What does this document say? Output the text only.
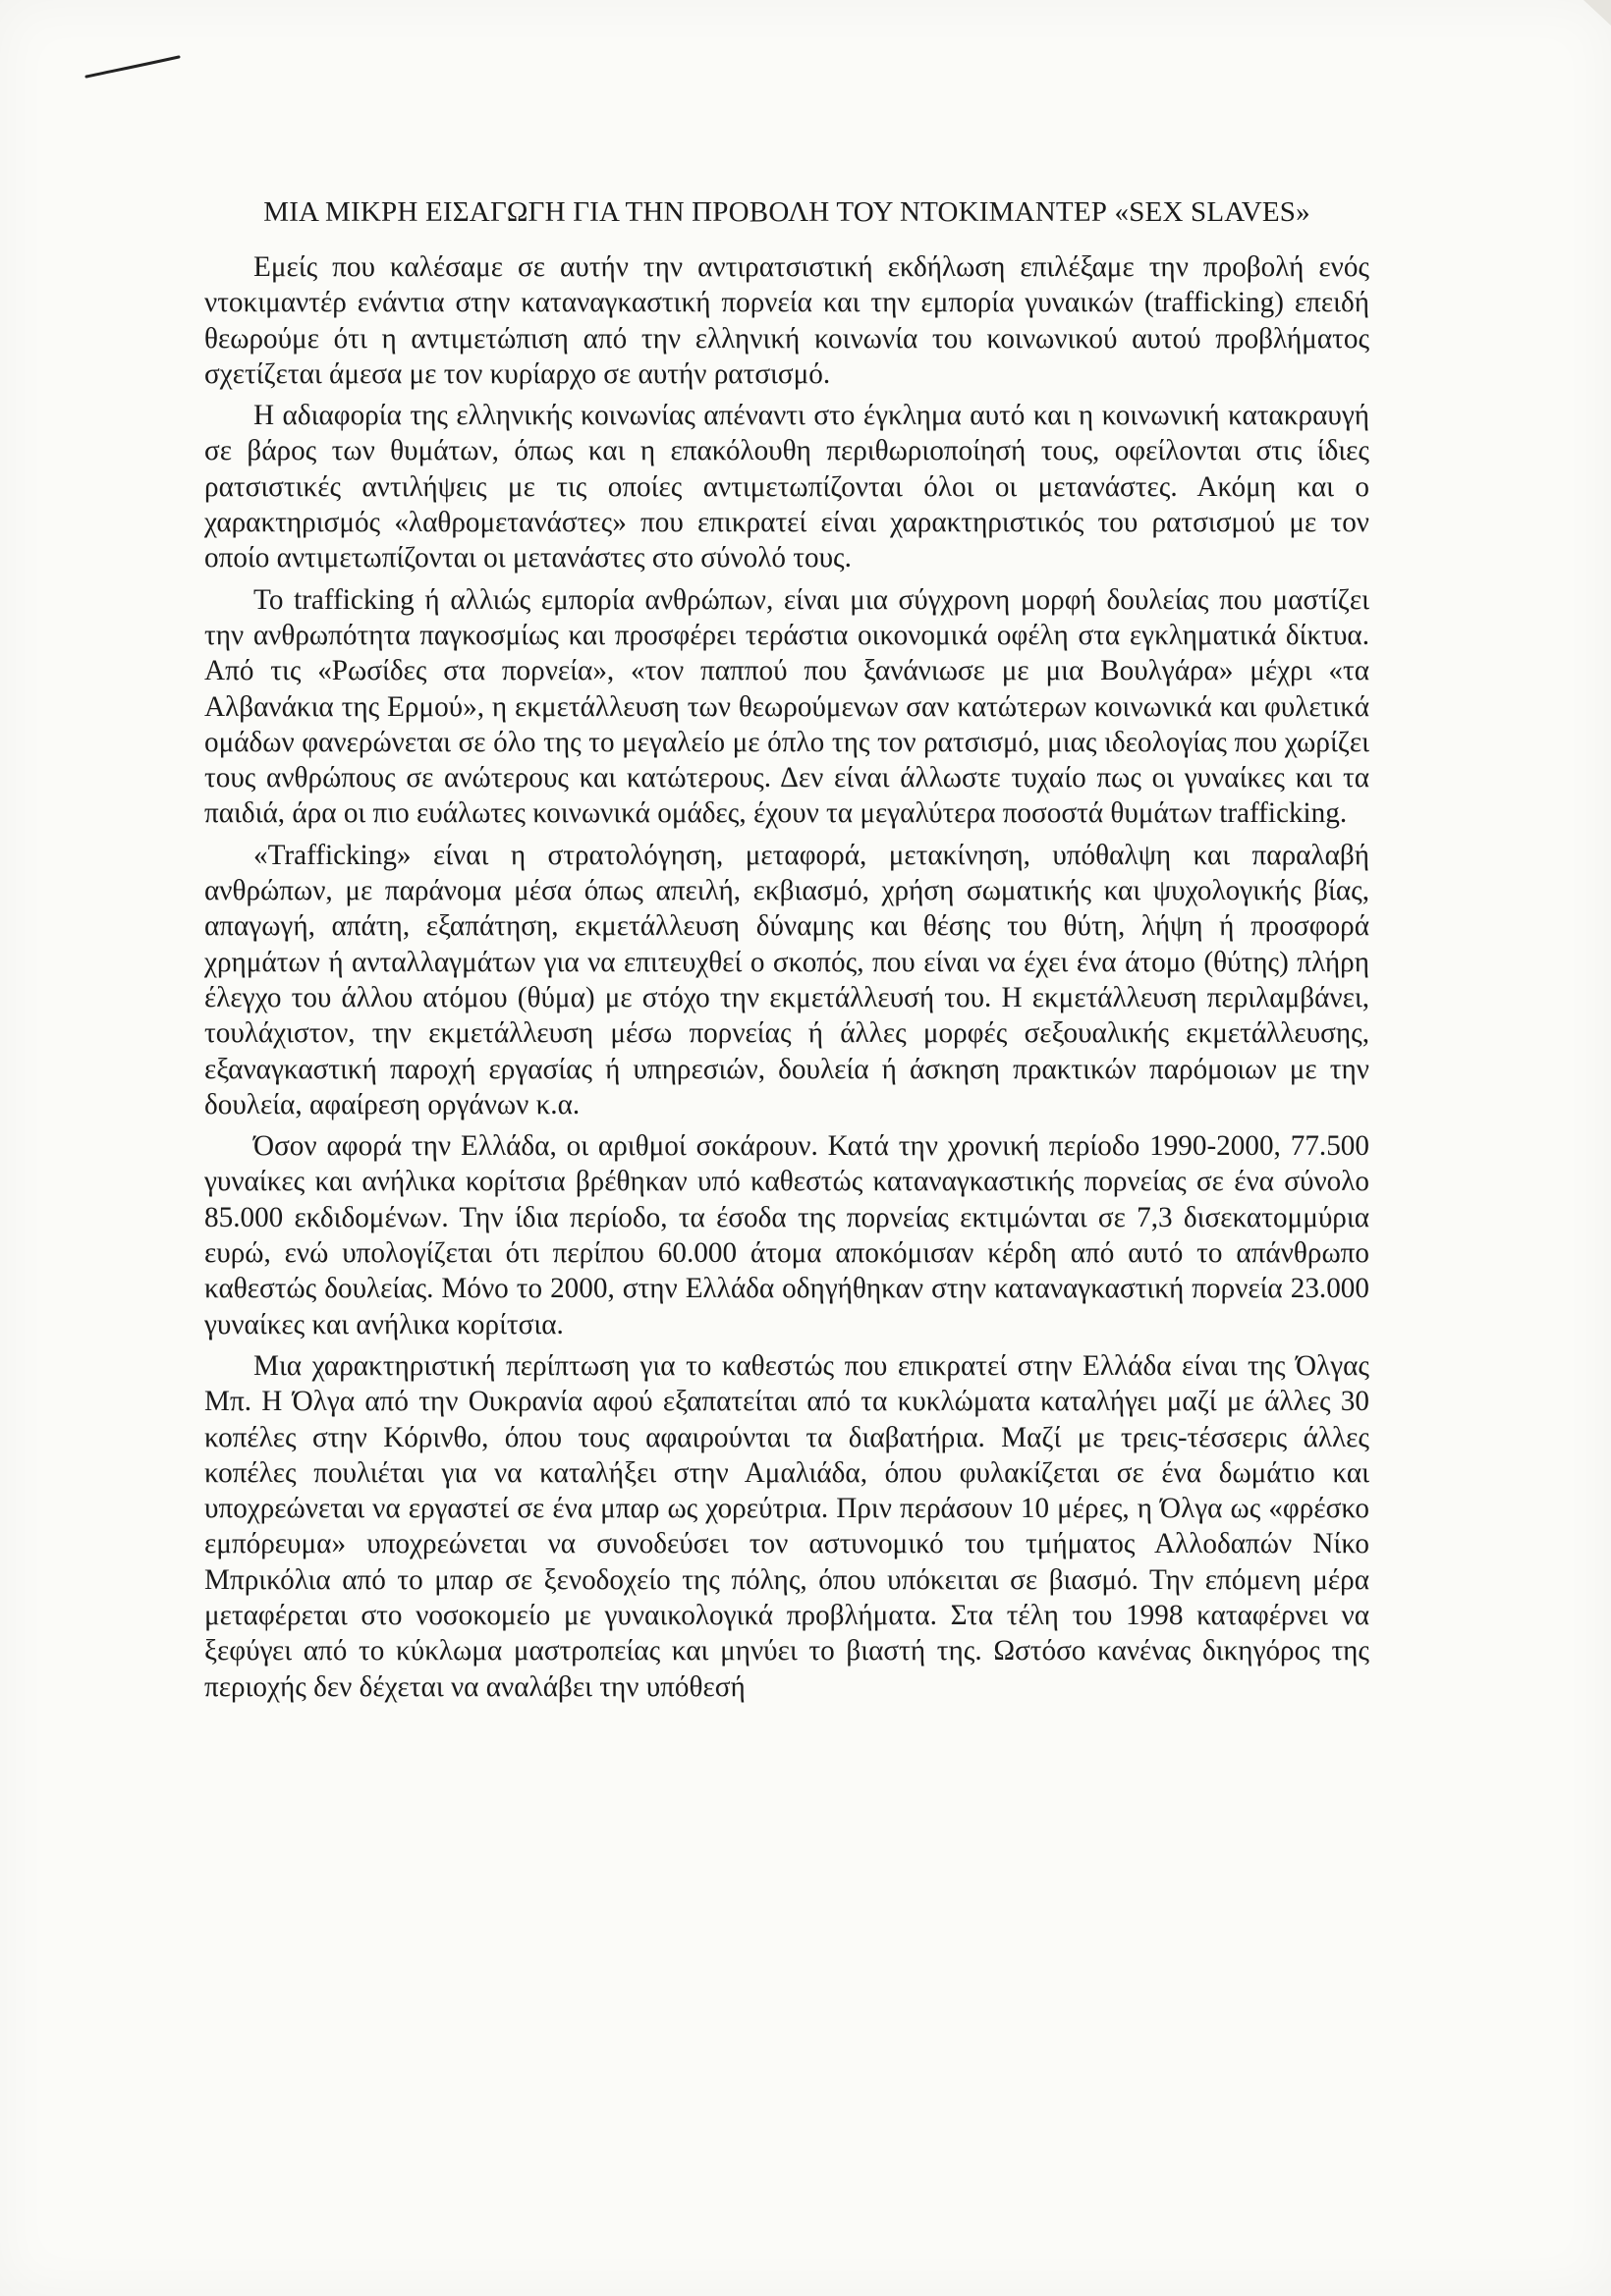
ΜΙΑ ΜΙΚΡΗ ΕΙΣΑΓΩΓΗ ΓΙΑ ΤΗΝ ΠΡΟΒΟΛΗ ΤΟΥ ΝΤΟΚΙΜΑΝΤΕΡ «SEX SLAVES»

Εμείς που καλέσαμε σε αυτήν την αντιρατσιστική εκδήλωση επιλέξαμε την προβολή ενός ντοκιμαντέρ ενάντια στην καταναγκαστική πορνεία και την εμπορία γυναικών (trafficking) επειδή θεωρούμε ότι η αντιμετώπιση από την ελληνική κοινωνία του κοινωνικού αυτού προβλήματος σχετίζεται άμεσα με τον κυρίαρχο σε αυτήν ρατσισμό.

Η αδιαφορία της ελληνικής κοινωνίας απέναντι στο έγκλημα αυτό και η κοινωνική κατακραυγή σε βάρος των θυμάτων, όπως και η επακόλουθη περιθωριοποίησή τους, οφείλονται στις ίδιες ρατσιστικές αντιλήψεις με τις οποίες αντιμετωπίζονται όλοι οι μετανάστες. Ακόμη και ο χαρακτηρισμός «λαθρομετανάστες» που επικρατεί είναι χαρακτηριστικός του ρατσισμού με τον οποίο αντιμετωπίζονται οι μετανάστες στο σύνολό τους.

Το trafficking ή αλλιώς εμπορία ανθρώπων, είναι μια σύγχρονη μορφή δουλείας που μαστίζει την ανθρωπότητα παγκοσμίως και προσφέρει τεράστια οικονομικά οφέλη στα εγκληματικά δίκτυα. Από τις «Ρωσίδες στα πορνεία», «τον παππού που ξανάνιωσε με μια Βουλγάρα» μέχρι «τα Αλβανάκια της Ερμού», η εκμετάλλευση των θεωρούμενων σαν κατώτερων κοινωνικά και φυλετικά ομάδων φανερώνεται σε όλο της το μεγαλείο με όπλο της τον ρατσισμό, μιας ιδεολογίας που χωρίζει τους ανθρώπους σε ανώτερους και κατώτερους. Δεν είναι άλλωστε τυχαίο πως οι γυναίκες και τα παιδιά, άρα οι πιο ευάλωτες κοινωνικά ομάδες, έχουν τα μεγαλύτερα ποσοστά θυμάτων trafficking.

«Trafficking» είναι η στρατολόγηση, μεταφορά, μετακίνηση, υπόθαλψη και παραλαβή ανθρώπων, με παράνομα μέσα όπως απειλή, εκβιασμό, χρήση σωματικής και ψυχολογικής βίας, απαγωγή, απάτη, εξαπάτηση, εκμετάλλευση δύναμης και θέσης του θύτη, λήψη ή προσφορά χρημάτων ή ανταλλαγμάτων για να επιτευχθεί ο σκοπός, που είναι να έχει ένα άτομο (θύτης) πλήρη έλεγχο του άλλου ατόμου (θύμα) με στόχο την εκμετάλλευσή του. Η εκμετάλλευση περιλαμβάνει, τουλάχιστον, την εκμετάλλευση μέσω πορνείας ή άλλες μορφές σεξουαλικής εκμετάλλευσης, εξαναγκαστική παροχή εργασίας ή υπηρεσιών, δουλεία ή άσκηση πρακτικών παρόμοιων με την δουλεία, αφαίρεση οργάνων κ.α.

Όσον αφορά την Ελλάδα, οι αριθμοί σοκάρουν. Κατά την χρονική περίοδο 1990-2000, 77.500 γυναίκες και ανήλικα κορίτσια βρέθηκαν υπό καθεστώς καταναγκαστικής πορνείας σε ένα σύνολο 85.000 εκδιδομένων. Την ίδια περίοδο, τα έσοδα της πορνείας εκτιμώνται σε 7,3 δισεκατομμύρια ευρώ, ενώ υπολογίζεται ότι περίπου 60.000 άτομα αποκόμισαν κέρδη από αυτό το απάνθρωπο καθεστώς δουλείας. Μόνο το 2000, στην Ελλάδα οδηγήθηκαν στην καταναγκαστική πορνεία 23.000 γυναίκες και ανήλικα κορίτσια.

Μια χαρακτηριστική περίπτωση για το καθεστώς που επικρατεί στην Ελλάδα είναι της Όλγας Μπ. Η Όλγα από την Ουκρανία αφού εξαπατείται από τα κυκλώματα καταλήγει μαζί με άλλες 30 κοπέλες στην Κόρινθο, όπου τους αφαιρούνται τα διαβατήρια. Μαζί με τρεις-τέσσερις άλλες κοπέλες πουλιέται για να καταλήξει στην Αμαλιάδα, όπου φυλακίζεται σε ένα δωμάτιο και υποχρεώνεται να εργαστεί σε ένα μπαρ ως χορεύτρια. Πριν περάσουν 10 μέρες, η Όλγα ως «φρέσκο εμπόρευμα» υποχρεώνεται να συνοδεύσει τον αστυνομικό του τμήματος Αλλοδαπών Νίκο Μπρικόλια από το μπαρ σε ξενοδοχείο της πόλης, όπου υπόκειται σε βιασμό. Την επόμενη μέρα μεταφέρεται στο νοσοκομείο με γυναικολογικά προβλήματα. Στα τέλη του 1998 καταφέρνει να ξεφύγει από το κύκλωμα μαστροπείας και μηνύει το βιαστή της. Ωστόσο κανένας δικηγόρος της περιοχής δεν δέχεται να αναλάβει την υπόθεσή
